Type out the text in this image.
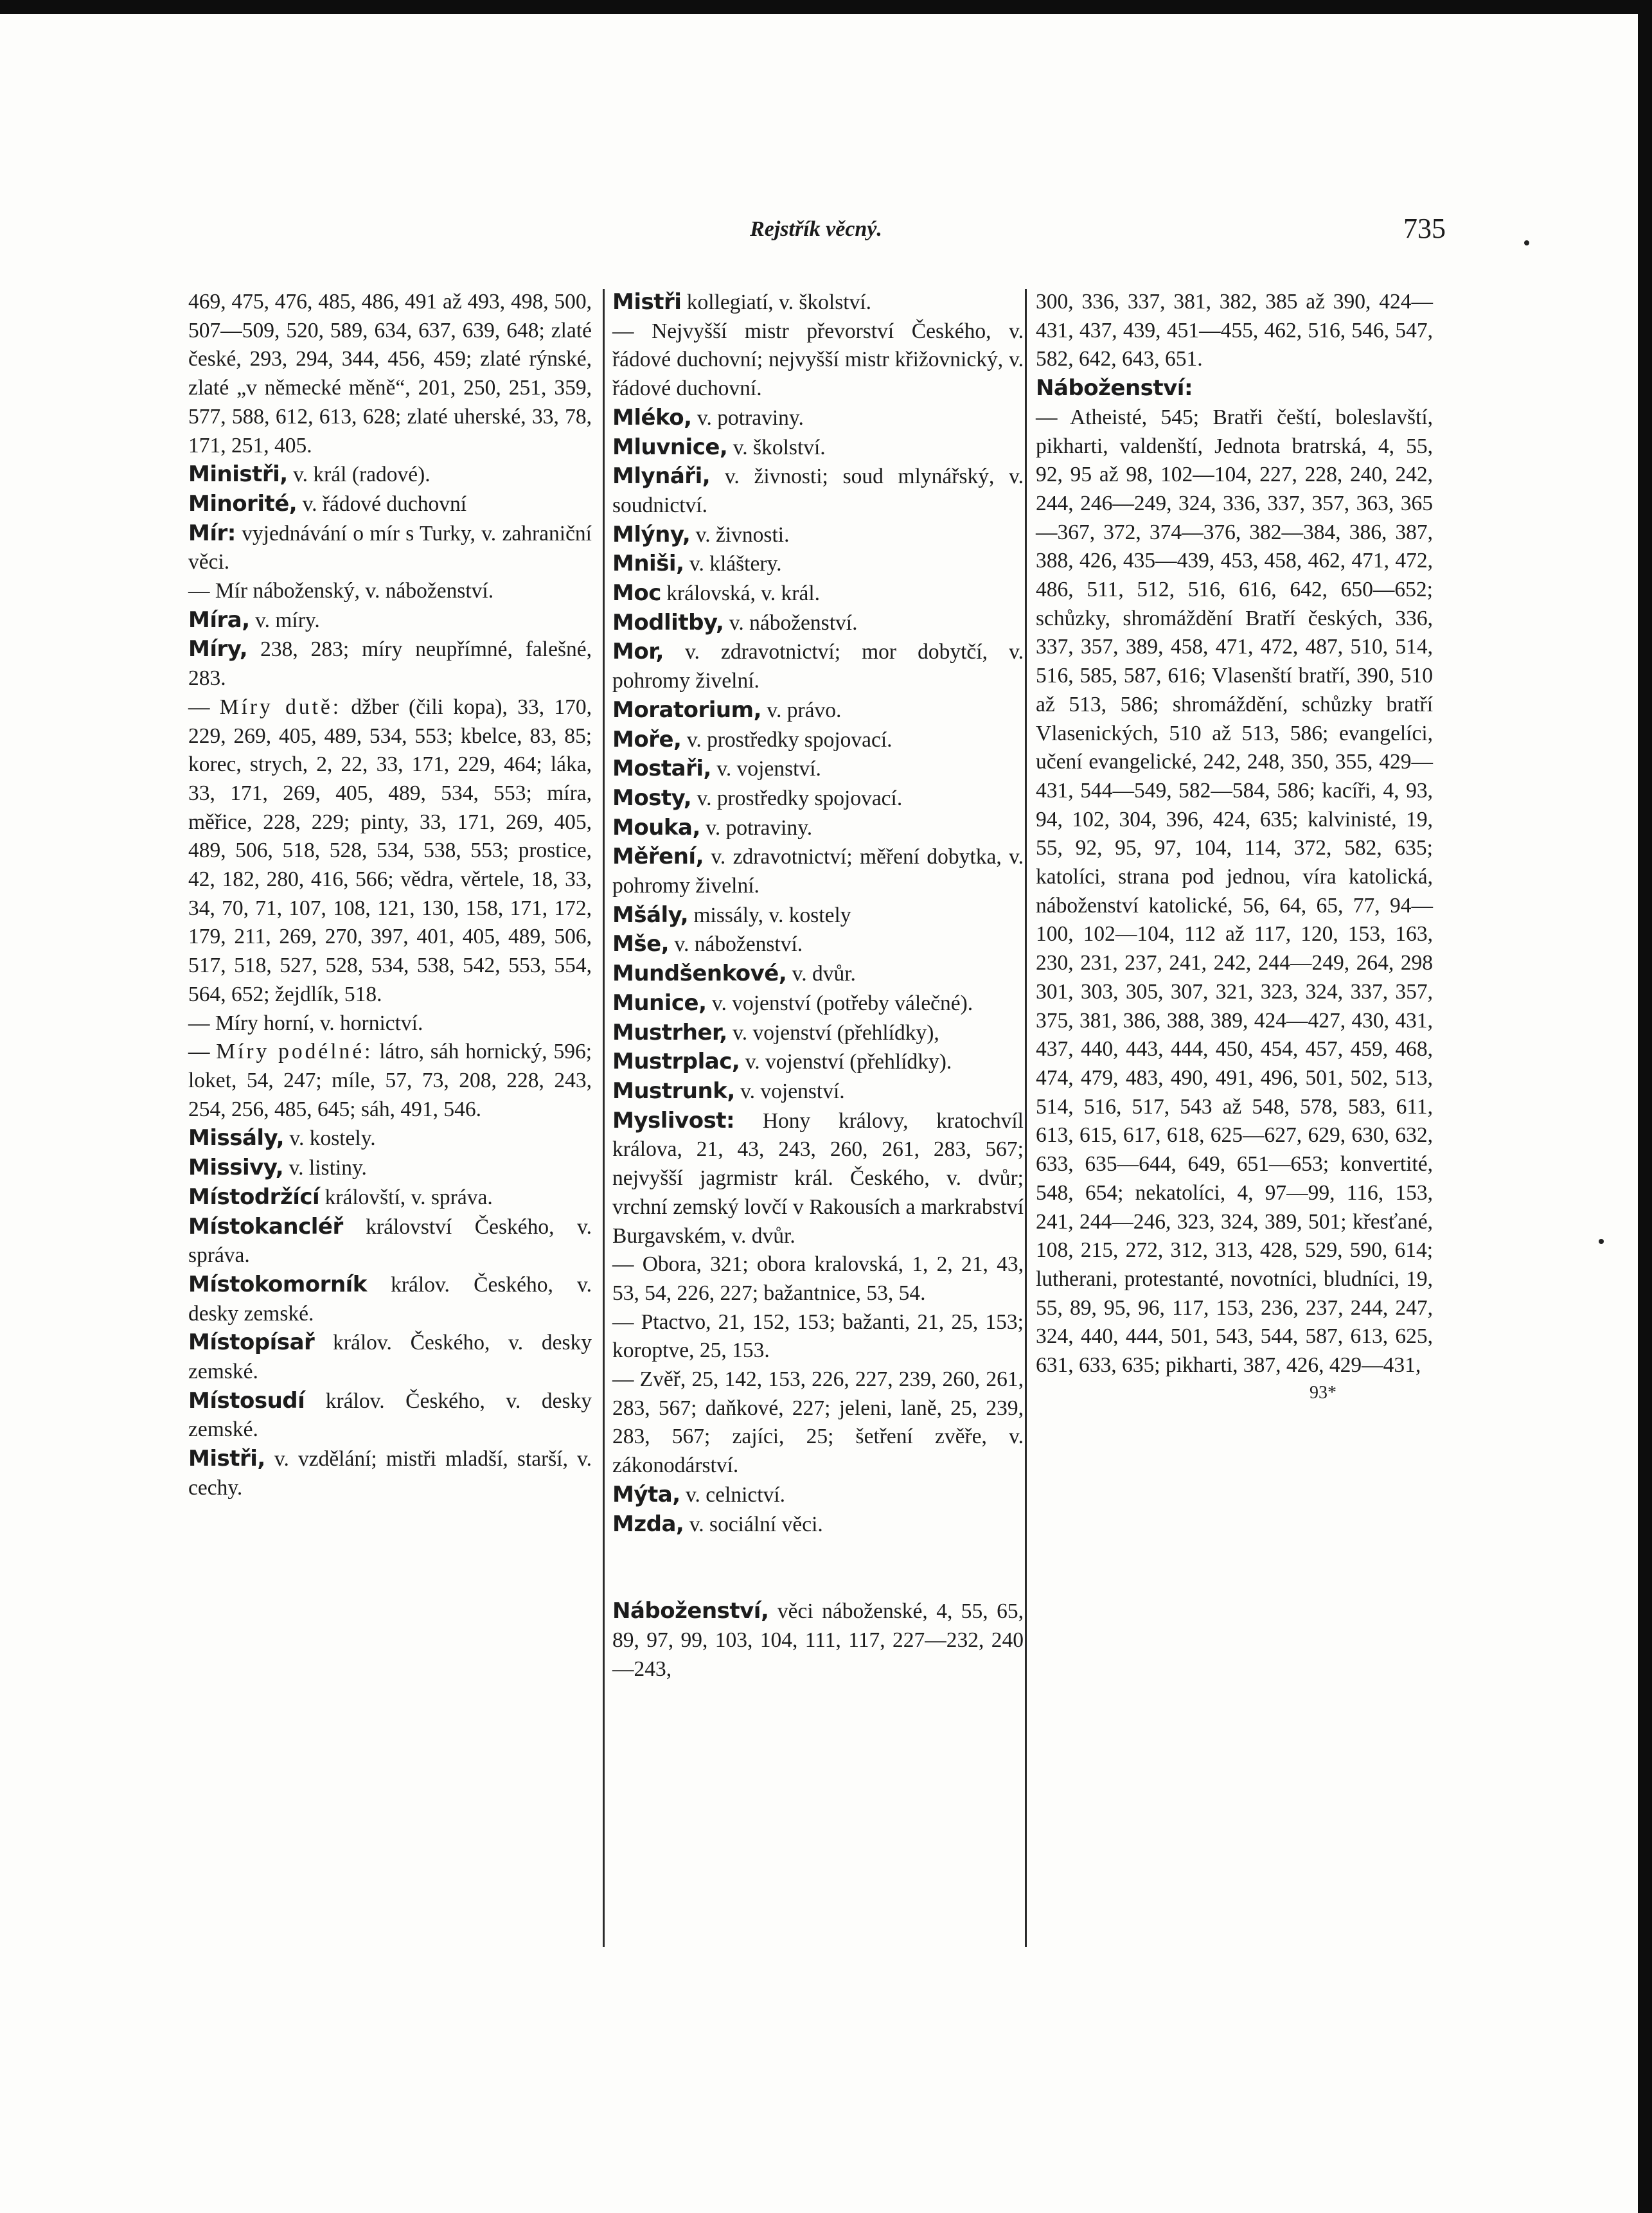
Rejstřík věcný.	735

469, 475, 476, 485, 486, 491 až 493, 498, 500, 507—509, 520, 589, 634, 637, 639, 648; zlaté české, 293, 294, 344, 456, 459; zlaté rýnské, zlaté „v německé měně“, 201, 250, 251, 359, 577, 588, 612, 613, 628; zlaté uherské, 33, 78, 171, 251, 405.

Ministři, v. král (radové).

Minorité, v. řádové duchovní

Mír: vyjednávání o mír s Turky, v. zahraniční věci.

— Mír náboženský, v. náboženství.

Míra, v. míry.

Míry, 238, 283; míry neupřímné, falešné, 283.

— Míry dutě: džber (čili kopa), 33, 170, 229, 269, 405, 489, 534, 553; kbelce, 83, 85; korec, strych, 2, 22, 33, 171, 229, 464; láka, 33, 171, 269, 405, 489, 534, 553; míra, měřice, 228, 229; pinty, 33, 171, 269, 405, 489, 506, 518, 528, 534, 538, 553; prostice, 42, 182, 280, 416, 566; vědra, věrtele, 18, 33, 34, 70, 71, 107, 108, 121, 130, 158, 171, 172, 179, 211, 269, 270, 397, 401, 405, 489, 506, 517, 518, 527, 528, 534, 538, 542, 553, 554, 564, 652; žejdlík, 518.

— Míry horní, v. hornictví.

— Míry podélné: látro, sáh hornický, 596; loket, 54, 247; míle, 57, 73, 208, 228, 243, 254, 256, 485, 645; sáh, 491, 546.

Missály, v. kostely.

Missivy, v. listiny.

Místodržící královští, v. správa.

Místokancléř království Českého, v. správa.

Místokomorník králov. Českého, v. desky zemské.

Místopísař králov. Českého, v. desky zemské.

Místosudí králov. Českého, v. desky zemské.

Mistři, v. vzdělání; mistři mladší, starší, v. cechy.

Mistři kollegiatí, v. školství.

— Nejvyšší mistr převorství Českého, v. řádové duchovní; nejvyšší mistr křižovnický, v. řádové duchovní.

Mléko, v. potraviny.

Mluvnice, v. školství.

Mlynáři, v. živnosti; soud mlynářský, v. soudnictví.

Mlýny, v. živnosti.

Mniši, v. kláštery.

Moc královská, v. král.

Modlitby, v. náboženství.

Mor, v. zdravotnictví; mor dobytčí, v. pohromy živelní.

Moratorium, v. právo.

Moře, v. prostředky spojovací.

Mostaři, v. vojenství.

Mosty, v. prostředky spojovací.

Mouka, v. potraviny.

Měření, v. zdravotnictví; měření dobytka, v. pohromy živelní.

Mšály, missály, v. kostely

Mše, v. náboženství.

Mundšenkové, v. dvůr.

Munice, v. vojenství (potřeby válečné).

Mustrher, v. vojenství (přehlídky),

Mustrplac, v. vojenství (přehlídky).

Mustrunk, v. vojenství.

Myslivost: Hony královy, kratochvíl králova, 21, 43, 243, 260, 261, 283, 567; nejvyšší jagrmistr král. Českého, v. dvůr; vrchní zemský lovčí v Rakousích a markrabství Burgavském, v. dvůr.

— Obora, 321; obora kralovská, 1, 2, 21, 43, 53, 54, 226, 227; bažantnice, 53, 54.

— Ptactvo, 21, 152, 153; bažanti, 21, 25, 153; koroptve, 25, 153.

— Zvěř, 25, 142, 153, 226, 227, 239, 260, 261, 283, 567; daňkové, 227; jeleni, laně, 25, 239, 283, 567; zajíci, 25; šetření zvěře, v. zákonodárství.

Mýta, v. celnictví.

Mzda, v. sociální věci.

Náboženství, věci náboženské, 4, 55, 65, 89, 97, 99, 103, 104, 111, 117, 227—232, 240—243,

300, 336, 337, 381, 382, 385 až 390, 424—431, 437, 439, 451—455, 462, 516, 546, 547, 582, 642, 643, 651.

Náboženství:

— Atheisté, 545; Bratři čeští, boleslavští, pikharti, valdenští, Jednota bratrská, 4, 55, 92, 95 až 98, 102—104, 227, 228, 240, 242, 244, 246—249, 324, 336, 337, 357, 363, 365—367, 372, 374—376, 382—384, 386, 387, 388, 426, 435—439, 453, 458, 462, 471, 472, 486, 511, 512, 516, 616, 642, 650—652; schůzky, shromáždění Bratří českých, 336, 337, 357, 389, 458, 471, 472, 487, 510, 514, 516, 585, 587, 616; Vlasenští bratří, 390, 510 až 513, 586; shromáždění, schůzky bratří Vlasenických, 510 až 513, 586; evangelíci, učení evangelické, 242, 248, 350, 355, 429—431, 544—549, 582—584, 586; kacíři, 4, 93, 94, 102, 304, 396, 424, 635; kalvinisté, 19, 55, 92, 95, 97, 104, 114, 372, 582, 635; katolíci, strana pod jednou, víra katolická, náboženství katolické, 56, 64, 65, 77, 94—100, 102—104, 112 až 117, 120, 153, 163, 230, 231, 237, 241, 242, 244—249, 264, 298 301, 303, 305, 307, 321, 323, 324, 337, 357, 375, 381, 386, 388, 389, 424—427, 430, 431, 437, 440, 443, 444, 450, 454, 457, 459, 468, 474, 479, 483, 490, 491, 496, 501, 502, 513, 514, 516, 517, 543 až 548, 578, 583, 611, 613, 615, 617, 618, 625—627, 629, 630, 632, 633, 635—644, 649, 651—653; konvertité, 548, 654; nekatolíci, 4, 97—99, 116, 153, 241, 244—246, 323, 324, 389, 501; křesťané, 108, 215, 272, 312, 313, 428, 529, 590, 614; lutherani, protestanté, novotníci, bludníci, 19, 55, 89, 95, 96, 117, 153, 236, 237, 244, 247, 324, 440, 444, 501, 543, 544, 587, 613, 625, 631, 633, 635; pikharti, 387, 426, 429—431,

93*
